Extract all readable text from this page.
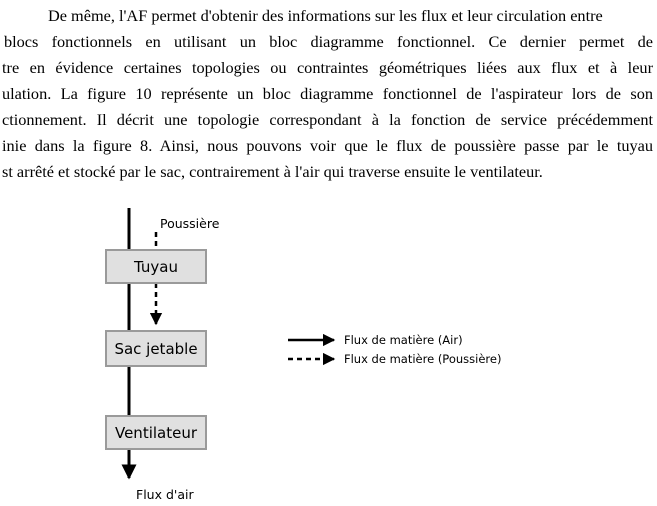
De même, l'AF permet d'obtenir des informations sur les flux et leur circulation entre
blocs fonctionnels en utilisant un bloc diagramme fonctionnel. Ce dernier permet de
tre en évidence certaines topologies ou contraintes géométriques liées aux flux et à leur
ulation. La figure 10 représente un bloc diagramme fonctionnel de l'aspirateur lors de son
ctionnement. Il décrit une topologie correspondant à la fonction de service précédemment
inie dans la figure 8. Ainsi, nous pouvons voir que le flux de poussière passe par le tuyau
st arrêté et stocké par le sac, contrairement à l'air qui traverse ensuite le ventilateur.
Tuyau
Sac jetable
Ventilateur
Poussière
Flux d'air
Flux de matière (Air)
Flux de matière (Poussière)
